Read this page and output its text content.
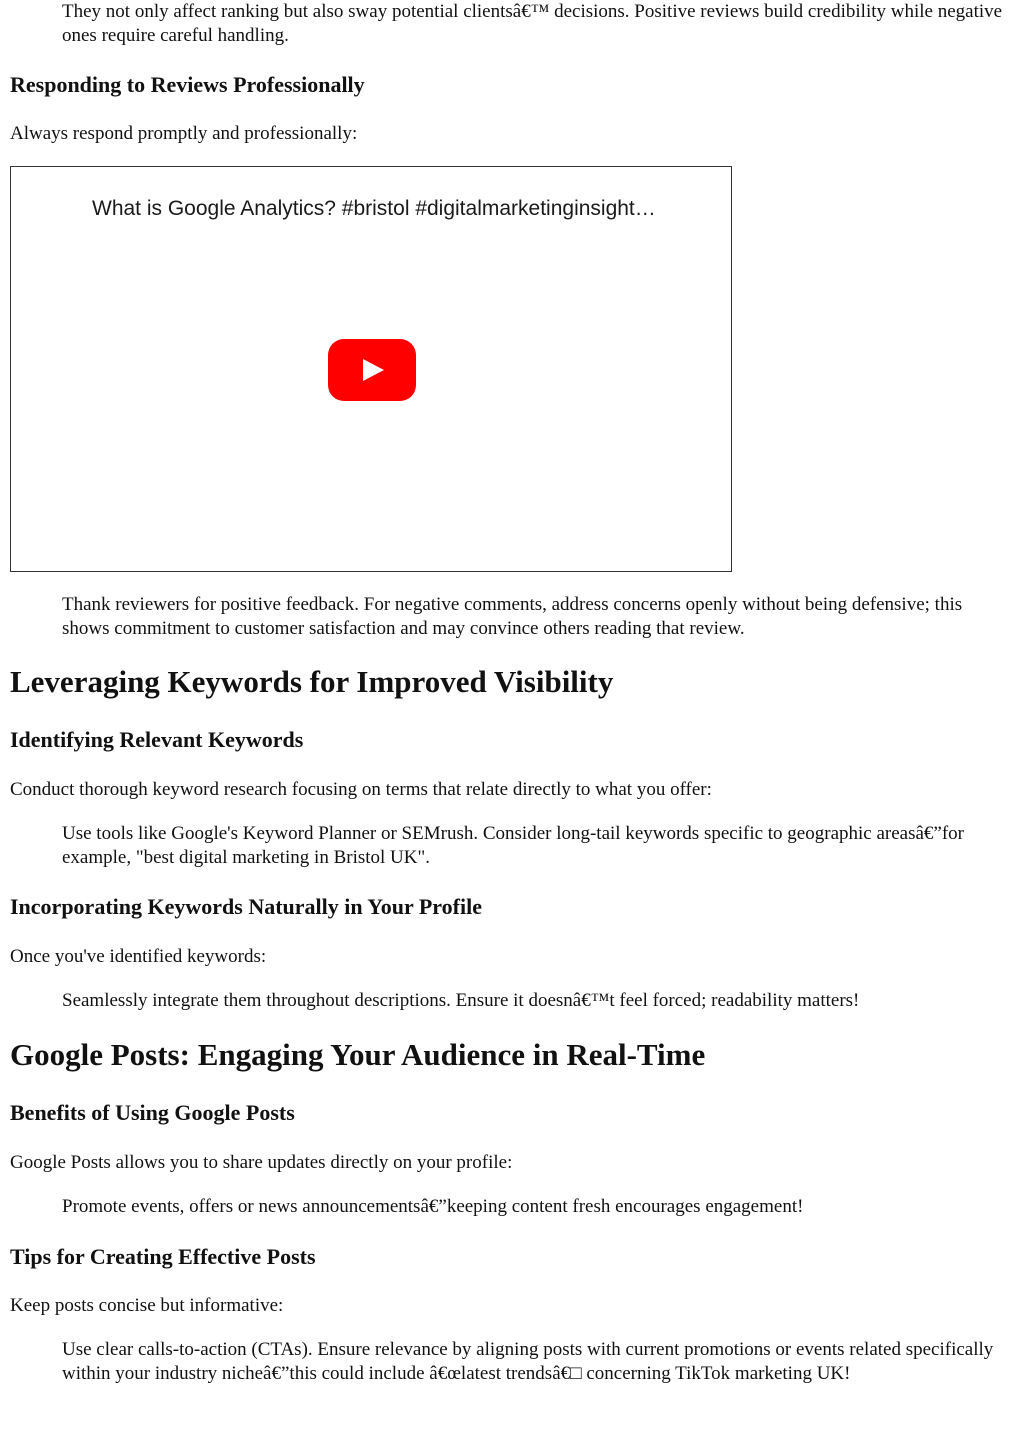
They not only affect ranking but also sway potential clientsâ€™ decisions. Positive reviews build credibility while negative ones require careful handling.
Responding to Reviews Professionally

Always respond promptly and professionally:

What is Google Analytics? #bristol #digitalmarketinginsight…
Thank reviewers for positive feedback. For negative comments, address concerns openly without being defensive; this shows commitment to customer satisfaction and may convince others reading that review.
Leveraging Keywords for Improved Visibility
Identifying Relevant Keywords

Conduct thorough keyword research focusing on terms that relate directly to what you offer:

Use tools like Google's Keyword Planner or SEMrush. Consider long-tail keywords specific to geographic areasâ€”for example, "best digital marketing in Bristol UK".
Incorporating Keywords Naturally in Your Profile

Once you've identified keywords:

Seamlessly integrate them throughout descriptions. Ensure it doesnâ€™t feel forced; readability matters!
Google Posts: Engaging Your Audience in Real-Time
Benefits of Using Google Posts

Google Posts allows you to share updates directly on your profile:

Promote events, offers or news announcementsâ€”keeping content fresh encourages engagement!
Tips for Creating Effective Posts

Keep posts concise but informative:

Use clear calls-to-action (CTAs). Ensure relevance by aligning posts with current promotions or events related specifically within your industry nicheâ€”this could include â€œlatest trendsâ€□ concerning TikTok marketing UK!
